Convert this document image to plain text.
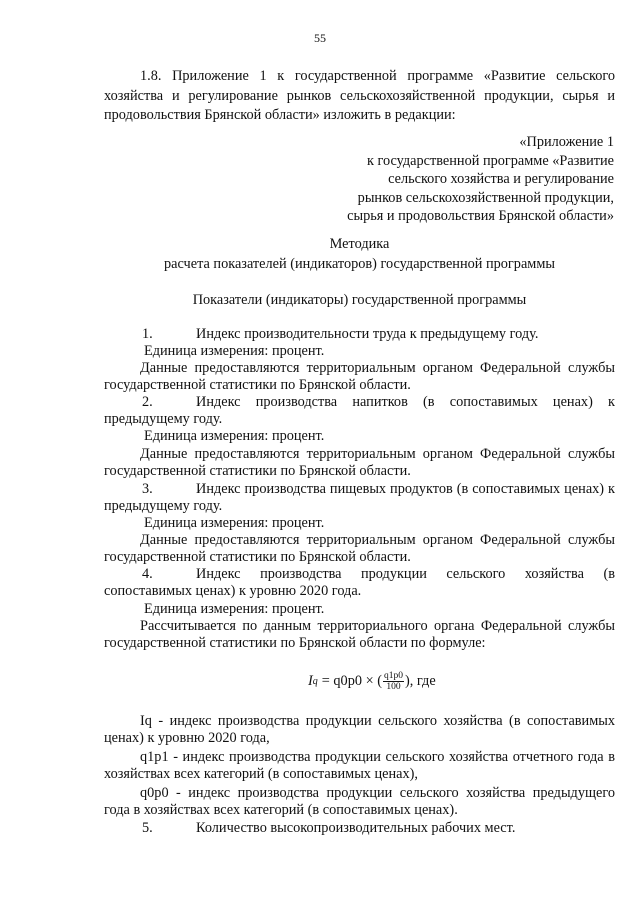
55

1.8. Приложение 1 к государственной программе «Развитие сельского хозяйства и регулирование рынков сельскохозяйственной продукции, сырья и продовольствия Брянской области» изложить в редакции:

«Приложение 1
к государственной программе «Развитие
сельского хозяйства и регулирование
рынков сельскохозяйственной продукции,
сырья и продовольствия Брянской области»

Методика

расчета показателей (индикаторов) государственной программы

Показатели (индикаторы) государственной программы

1.	Индекс производительности труда к предыдущему году.

Единица измерения: процент.

Данные предоставляются территориальным органом Федеральной службы государственной статистики по Брянской области.

2.	Индекс производства напитков (в сопоставимых ценах) к предыдущему году.

Единица измерения: процент.

Данные предоставляются территориальным органом Федеральной службы государственной статистики по Брянской области.

3.	Индекс производства пищевых продуктов (в сопоставимых ценах) к предыдущему году.

Единица измерения: процент.

Данные предоставляются территориальным органом Федеральной службы государственной статистики по Брянской области.

4.	Индекс производства продукции сельского хозяйства (в сопоставимых ценах) к уровню 2020 года.

Единица измерения: процент.

Рассчитывается по данным территориального органа Федеральной службы государственной статистики по Брянской области по формуле:

I q = q0p0 × ( $\frac{q1p0}{100}$ ), где

Iq - индекс производства продукции сельского хозяйства (в сопоставимых ценах) к уровню 2020 года,

q1p1 - индекс производства продукции сельского хозяйства отчетного года в хозяйствах всех категорий (в сопоставимых ценах),

q0p0 - индекс производства продукции сельского хозяйства предыдущего года в хозяйствах всех категорий (в сопоставимых ценах).

5.	Количество высокопроизводительных рабочих мест.
